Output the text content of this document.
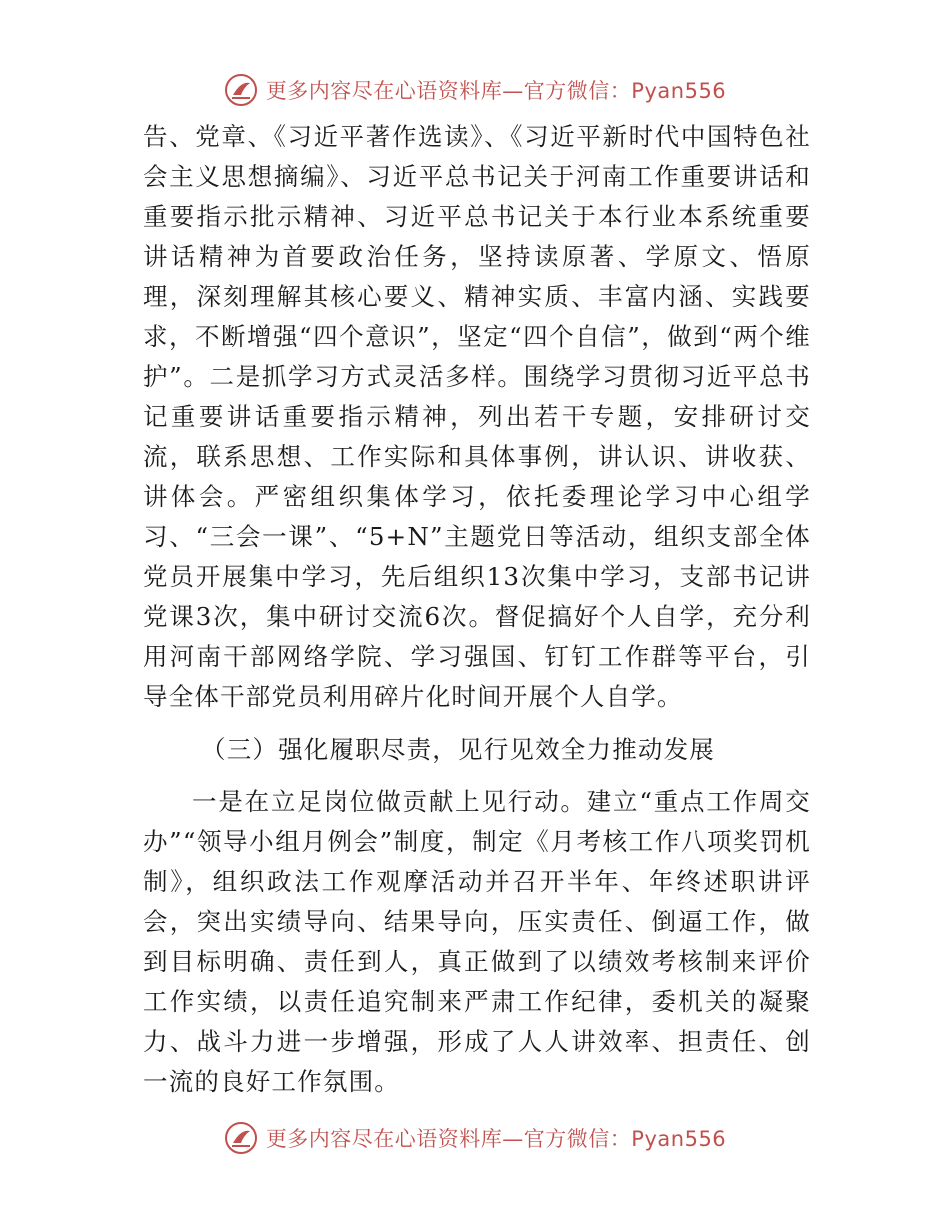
更多内容尽在心语资料库—官方微信：Pyan556

告、党章、《习近平著作选读》、《习近平新时代中国特色社会主义思想摘编》、习近平总书记关于河南工作重要讲话和重要指示批示精神、习近平总书记关于本行业本系统重要讲话精神为首要政治任务，坚持读原著、学原文、悟原理，深刻理解其核心要义、精神实质、丰富内涵、实践要求，不断增强“四个意识”，坚定“四个自信”，做到“两个维护”。二是抓学习方式灵活多样。围绕学习贯彻习近平总书记重要讲话重要指示精神，列出若干专题，安排研讨交流，联系思想、工作实际和具体事例，讲认识、讲收获、讲体会。严密组织集体学习，依托委理论学习中心组学习、“三会一课”、“5+N”主题党日等活动，组织支部全体党员开展集中学习，先后组织13次集中学习，支部书记讲党课3次，集中研讨交流6次。督促搞好个人自学，充分利用河南干部网络学院、学习强国、钉钉工作群等平台，引导全体干部党员利用碎片化时间开展个人自学。

（三）强化履职尽责，见行见效全力推动发展

一是在立足岗位做贡献上见行动。建立“重点工作周交办”“领导小组月例会”制度，制定《月考核工作八项奖罚机制》，组织政法工作观摩活动并召开半年、年终述职讲评会，突出实绩导向、结果导向，压实责任、倒逼工作，做到目标明确、责任到人，真正做到了以绩效考核制来评价工作实绩，以责任追究制来严肃工作纪律，委机关的凝聚力、战斗力进一步增强，形成了人人讲效率、担责任、创一流的良好工作氛围。

更多内容尽在心语资料库—官方微信：Pyan556
